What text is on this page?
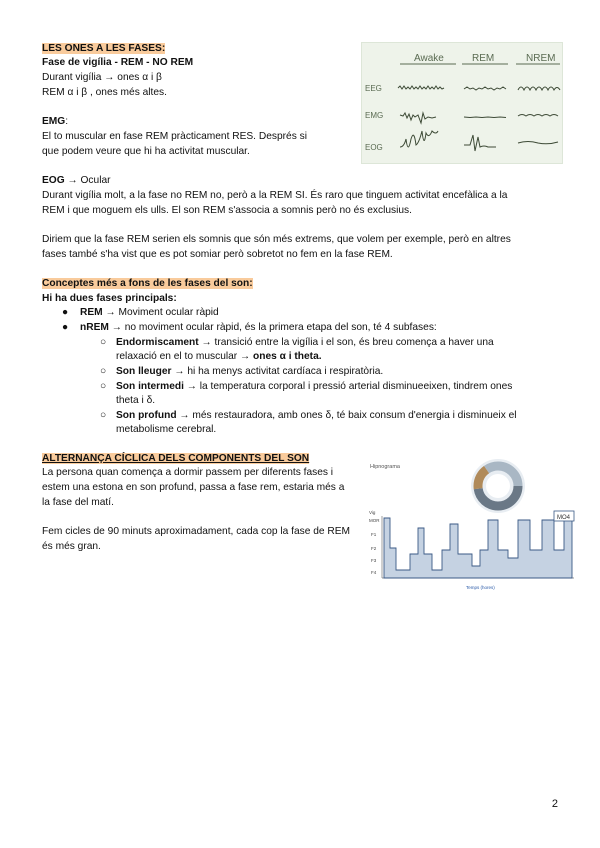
LES ONES A LES FASES:
Fase de vigília - REM - NO REM
Durant vigília → ones α i β
REM α i β , ones més altes.
EMG:
El to muscular en fase REM pràcticament RES. Després si
que podem veure que hi ha activitat muscular.
Awake	REM	NREM
EEG
EMG
EOG
EOG → Ocular
Durant vigília molt, a la fase no REM no, però a la REM SI. És raro que tinguem activitat encefàlica a la
REM i que moguem els ulls. El son REM s'associa a somnis però no és exclusius.
Diriem que la fase REM serien els somnis que són més extrems, que volem per exemple, però en altres
fases també s'ha vist que es pot somiar però sobretot no fem en la fase REM.
Conceptes més a fons de les fases del son:
Hi ha dues fases principals:
● REM → Moviment ocular ràpid
● nREM → no moviment ocular ràpid, és la primera etapa del son, té 4 subfases:
○ Endormiscament → transició entre la vigília i el son, és breu comença a haver una
relaxació en el to muscular → ones α i theta.
○ Son lleuger → hi ha menys activitat cardíaca i respiratòria.
○ Son intermedi → la temperatura corporal i pressió arterial disminueeixen, tindrem ones
theta i δ.
○ Son profund → més restauradora, amb ones δ, té baix consum d'energia i disminueix el
metabolisme cerebral.
ALTERNANÇA CÍCLICA DELS COMPONENTS DEL SON
La persona quan comença a dormir passem per diferents fases i
estem una estona en son profund, passa a fase rem, estaria més a
la fase del matí.
Fem cicles de 90 minuts aproximadament, cada cop la fase de REM
és més gran.
Hipnograma
Vig
MOR
F1
F2
F3
F4
MO4
Temps (hores)
2
